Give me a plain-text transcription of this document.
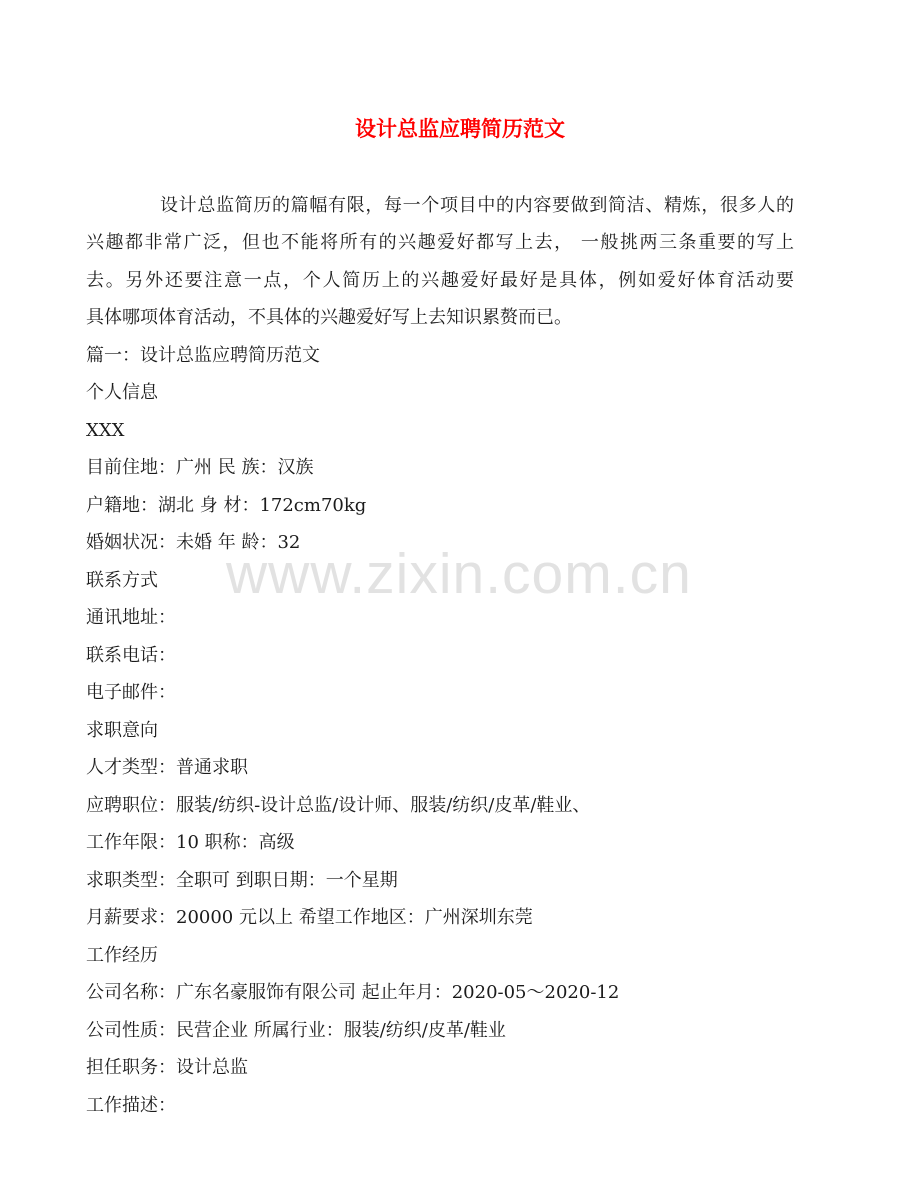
www.zixin.com.cn
设计总监应聘简历范文

设计总监简历的篇幅有限，每一个项目中的内容要做到简洁、精炼，很多人的

兴趣都非常广泛，但也不能将所有的兴趣爱好都写上去， 一般挑两三条重要的写上

去。另外还要注意一点，个人简历上的兴趣爱好最好是具体，例如爱好体育活动要

具体哪项体育活动，不具体的兴趣爱好写上去知识累赘而已。

篇一：设计总监应聘简历范文

个人信息

XXX

目前住地：广州 民 族：汉族

户籍地：湖北 身 材：172cm70kg

婚姻状况：未婚 年 龄：32

联系方式

通讯地址：

联系电话：

电子邮件：

求职意向

人才类型：普通求职

应聘职位：服装/纺织-设计总监/设计师、服装/纺织/皮革/鞋业、

工作年限：10 职称：高级

求职类型：全职可 到职日期：一个星期

月薪要求：20000 元以上 希望工作地区：广州深圳东莞

工作经历

公司名称：广东名豪服饰有限公司 起止年月：2020-05～2020-12

公司性质：民营企业 所属行业：服装/纺织/皮革/鞋业

担任职务：设计总监

工作描述：
